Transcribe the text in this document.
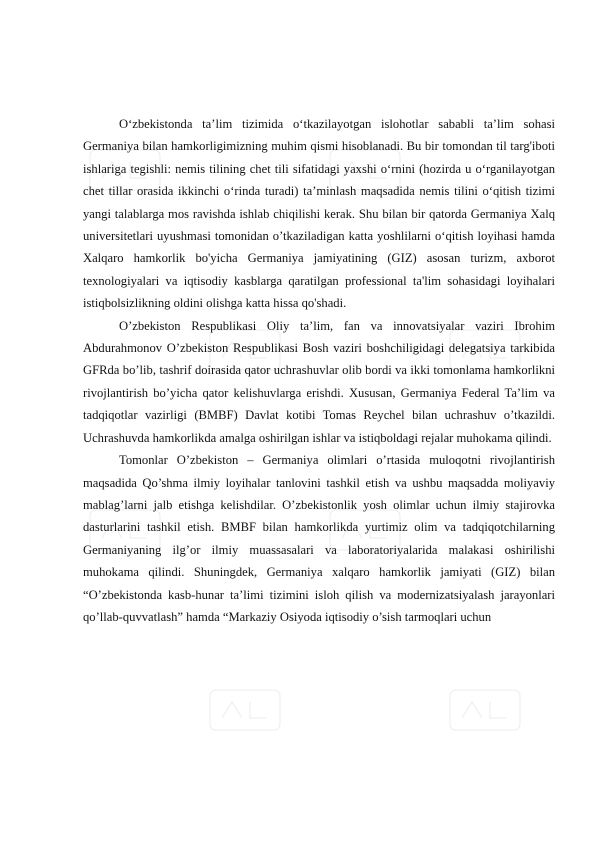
O‘zbekistonda ta’lim tizimida o‘tkazilayotgan islohotlar sababli ta’lim sohasi Germaniya bilan hamkorligimizning muhim qismi hisoblanadi. Bu bir tomondan til targ'iboti ishlariga tegishli: nemis tilining chet tili sifatidagi yaxshi o‘rnini (hozirda u o‘rganilayotgan chet tillar orasida ikkinchi o‘rinda turadi) ta’minlash maqsadida nemis tilini o‘qitish tizimi yangi talablarga mos ravishda ishlab chiqilishi kerak. Shu bilan bir qatorda Germaniya Xalq universitetlari uyushmasi tomonidan o’tkaziladigan katta yoshlilarni o‘qitish loyihasi hamda Xalqaro hamkorlik bo'yicha Germaniya jamiyatining (GIZ) asosan turizm, axborot texnologiyalari va iqtisodiy kasblarga qaratilgan professional ta'lim sohasidagi loyihalari istiqbolsizlikning oldini olishga katta hissa qo'shadi.

O’zbekiston Respublikasi Oliy ta’lim, fan va innovatsiyalar vaziri Ibrohim Abdurahmonov O’zbekiston Respublikasi Bosh vaziri boshchiligidagi delegatsiya tarkibida GFRda bo’lib, tashrif doirasida qator uchrashuvlar olib bordi va ikki tomonlama hamkorlikni rivojlantirish bo’yicha qator kelishuvlarga erishdi. Xususan, Germaniya Federal Ta’lim va tadqiqotlar vazirligi (BMBF) Davlat kotibi Tomas Reychel bilan uchrashuv o’tkazildi. Uchrashuvda hamkorlikda amalga oshirilgan ishlar va istiqboldagi rejalar muhokama qilindi.

Tomonlar O’zbekiston – Germaniya olimlari o’rtasida muloqotni rivojlantirish maqsadida Qo’shma ilmiy loyihalar tanlovini tashkil etish va ushbu maqsadda moliyaviy mablag’larni jalb etishga kelishdilar. O’zbekistonlik yosh olimlar uchun ilmiy stajirovka dasturlarini tashkil etish. BMBF bilan hamkorlikda yurtimiz olim va tadqiqotchilarning Germaniyaning ilg’or ilmiy muassasalari va laboratoriyalarida malakasi oshirilishi muhokama qilindi. Shuningdek, Germaniya xalqaro hamkorlik jamiyati (GIZ) bilan “O’zbekistonda kasb-hunar ta’limi tizimini isloh qilish va modernizatsiyalash jarayonlari qo’llab-quvvatlash” hamda “Markaziy Osiyoda iqtisodiy o’sish tarmoqlari uchun
